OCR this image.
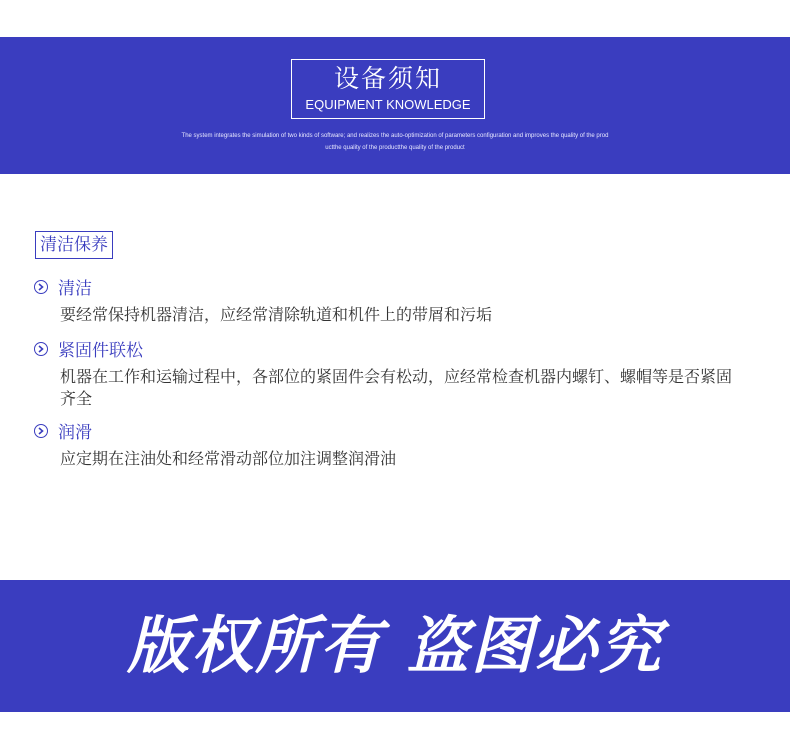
设备须知
EQUIPMENT KNOWLEDGE
The system integrates the simulation of two kinds of software; and realizes the auto-optimization of parameters configuration and improves the quality of the productthe quality of the productthe quality of the product
清洁保养
清洁
要经常保持机器清洁，应经常清除轨道和机件上的带屑和污垢
紧固件联松
机器在工作和运输过程中，各部位的紧固件会有松动，应经常检查机器内螺钉、螺帽等是否紧固齐全
润滑
应定期在注油处和经常滑动部位加注调整润滑油
版权所有 盗图必究
